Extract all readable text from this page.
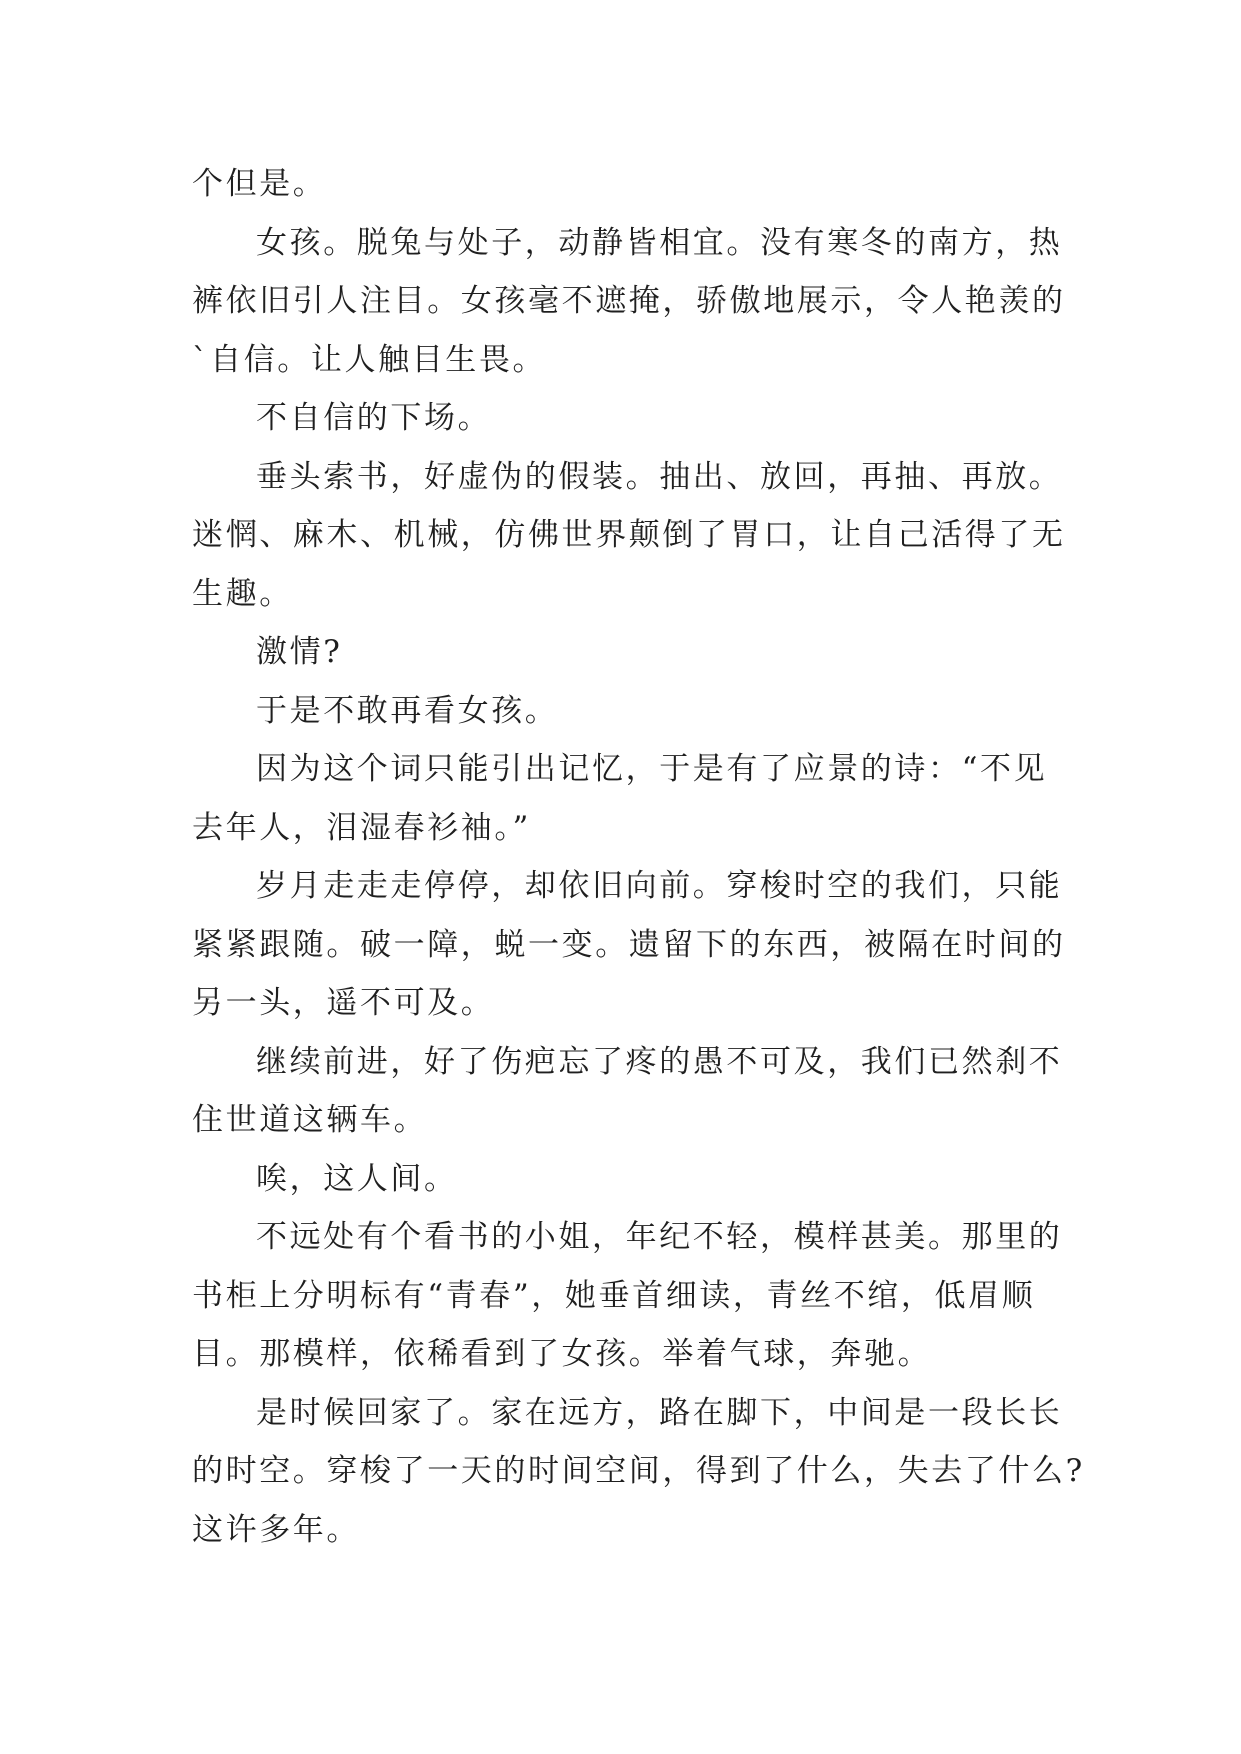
个但是。

女孩。脱兔与处子，动静皆相宜。没有寒冬的南方，热
裤依旧引人注目。女孩毫不遮掩，骄傲地展示，令人艳羡的
`自信。让人触目生畏。

不自信的下场。

垂头索书，好虚伪的假装。抽出、放回，再抽、再放。
迷惘、麻木、机械，仿佛世界颠倒了胃口，让自己活得了无
生趣。

激情?

于是不敢再看女孩。

因为这个词只能引出记忆，于是有了应景的诗：“不见
去年人，泪湿春衫袖。”

岁月走走走停停，却依旧向前。穿梭时空的我们，只能
紧紧跟随。破一障，蜕一变。遗留下的东西，被隔在时间的
另一头，遥不可及。

继续前进，好了伤疤忘了疼的愚不可及，我们已然刹不
住世道这辆车。

唉，这人间。

不远处有个看书的小姐，年纪不轻，模样甚美。那里的
书柜上分明标有“青春”，她垂首细读，青丝不绾，低眉顺
目。那模样，依稀看到了女孩。举着气球，奔驰。

是时候回家了。家在远方，路在脚下，中间是一段长长
的时空。穿梭了一天的时间空间，得到了什么，失去了什么?
这许多年。
